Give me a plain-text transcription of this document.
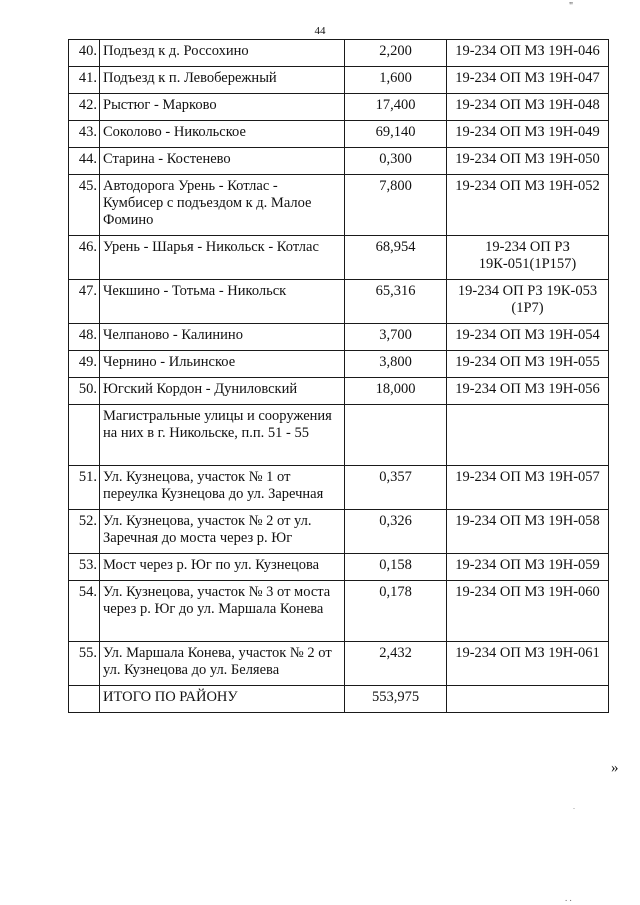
"
44
40.	Подъезд к д. Россохино	2,200	19-234 ОП МЗ 19Н-046
41.	Подъезд к п. Левобережный	1,600	19-234 ОП МЗ 19Н-047
42.	Рыстюг - Марково	17,400	19-234 ОП МЗ 19Н-048
43.	Соколово - Никольское	69,140	19-234 ОП МЗ 19Н-049
44.	Старина - Костенево	0,300	19-234 ОП МЗ 19Н-050
45.	Автодорога Урень - Котлас - Кумбисер с подъездом к д. Малое Фомино	7,800	19-234 ОП МЗ 19Н-052
46.	Урень - Шарья - Никольск - Котлас	68,954	19-234 ОП РЗ 19К-051(1Р157)
47.	Чекшино - Тотьма - Никольск	65,316	19-234 ОП РЗ 19К-053 (1Р7)
48.	Челпаново - Калинино	3,700	19-234 ОП МЗ 19Н-054
49.	Чернино - Ильинское	3,800	19-234 ОП МЗ 19Н-055
50.	Югский Кордон - Дуниловский	18,000	19-234 ОП МЗ 19Н-056
	Магистральные улицы и сооружения на них в г. Никольске, п.п. 51 - 55		
51.	Ул. Кузнецова, участок № 1 от переулка Кузнецова до ул. Заречная	0,357	19-234 ОП МЗ 19Н-057
52.	Ул. Кузнецова, участок № 2 от ул. Заречная до моста через р. Юг	0,326	19-234 ОП МЗ 19Н-058
53.	Мост через р. Юг по ул. Кузнецова	0,158	19-234 ОП МЗ 19Н-059
54.	Ул. Кузнецова, участок № 3 от моста через р. Юг до ул. Маршала Конева	0,178	19-234 ОП МЗ 19Н-060
55.	Ул. Маршала Конева, участок № 2 от ул. Кузнецова до ул. Беляева	2,432	19-234 ОП МЗ 19Н-061
	ИТОГО ПО РАЙОНУ	553,975	
»
.
. .
